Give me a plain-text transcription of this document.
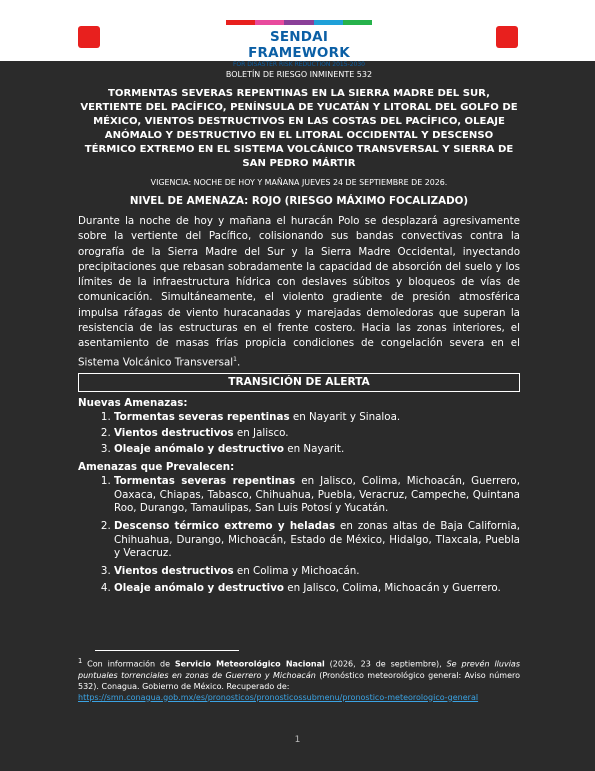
SENDAI FRAMEWORK
FOR DISASTER RISK REDUCTION 2015-2030
BOLETÍN DE RIESGO INMINENTE 532
TORMENTAS SEVERAS REPENTINAS EN LA SIERRA MADRE DEL SUR, VERTIENTE DEL PACÍFICO, PENÍNSULA DE YUCATÁN Y LITORAL DEL GOLFO DE MÉXICO, VIENTOS DESTRUCTIVOS EN LAS COSTAS DEL PACÍFICO, OLEAJE ANÓMALO Y DESTRUCTIVO EN EL LITORAL OCCIDENTAL Y DESCENSO TÉRMICO EXTREMO EN EL SISTEMA VOLCÁNICO TRANSVERSAL Y SIERRA DE SAN PEDRO MÁRTIR
VIGENCIA: NOCHE DE HOY Y MAÑANA JUEVES 24 DE SEPTIEMBRE DE 2026.
NIVEL DE AMENAZA: ROJO (RIESGO MÁXIMO FOCALIZADO)
Durante la noche de hoy y mañana el huracán Polo se desplazará agresivamente sobre la vertiente del Pacífico, colisionando sus bandas convectivas contra la orografía de la Sierra Madre del Sur y la Sierra Madre Occidental, inyectando precipitaciones que rebasan sobradamente la capacidad de absorción del suelo y los límites de la infraestructura hídrica con deslaves súbitos y bloqueos de vías de comunicación. Simultáneamente, el violento gradiente de presión atmosférica impulsa ráfagas de viento huracanadas y marejadas demoledoras que superan la resistencia de las estructuras en el frente costero. Hacia las zonas interiores, el asentamiento de masas frías propicia condiciones de congelación severa en el Sistema Volcánico Transversal$^1$.
TRANSICIÓN DE ALERTA
Nuevas Amenazas:
1. Tormentas severas repentinas en Nayarit y Sinaloa.
2. Vientos destructivos en Jalisco.
3. Oleaje anómalo y destructivo en Nayarit.
Amenazas que Prevalecen:
1. Tormentas severas repentinas en Jalisco, Colima, Michoacán, Guerrero, Oaxaca, Chiapas, Tabasco, Chihuahua, Puebla, Veracruz, Campeche, Quintana Roo, Durango, Tamaulipas, San Luis Potosí y Yucatán.
2. Descenso térmico extremo y heladas en zonas altas de Baja California, Chihuahua, Durango, Michoacán, Estado de México, Hidalgo, Tlaxcala, Puebla y Veracruz.
3. Vientos destructivos en Colima y Michoacán.
4. Oleaje anómalo y destructivo en Jalisco, Colima, Michoacán y Guerrero.
$^1$ Con información de Servicio Meteorológico Nacional (2026, 23 de septiembre), Se prevén lluvias puntuales torrenciales en zonas de Guerrero y Michoacán (Pronóstico meteorológico general: Aviso número 532). Conagua. Gobierno de México. Recuperado de:
https://smn.conagua.gob.mx/es/pronosticos/pronosticossubmenu/pronostico-meteorologico-general
1
